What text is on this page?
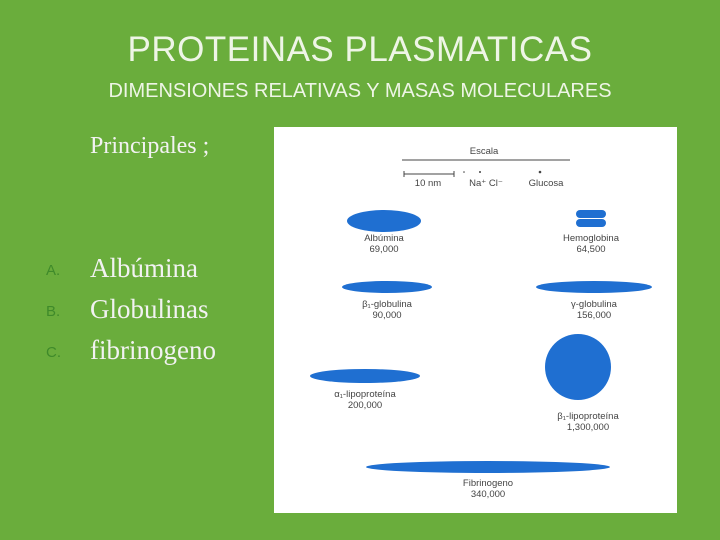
PROTEINAS PLASMATICAS
DIMENSIONES RELATIVAS Y MASAS MOLECULARES
Principales ;
A. Albúmina
B. Globulinas
C. fibrinogeno
Escala
10 nm	Na⁺ Cl⁻	Glucosa
Albúmina
69,000
Hemoglobina
64,500
β₁-globulina
90,000
γ-globulina
156,000
α₁-lipoproteína
200,000
β₁-lipoproteína
1,300,000
Fibrinogeno
340,000
